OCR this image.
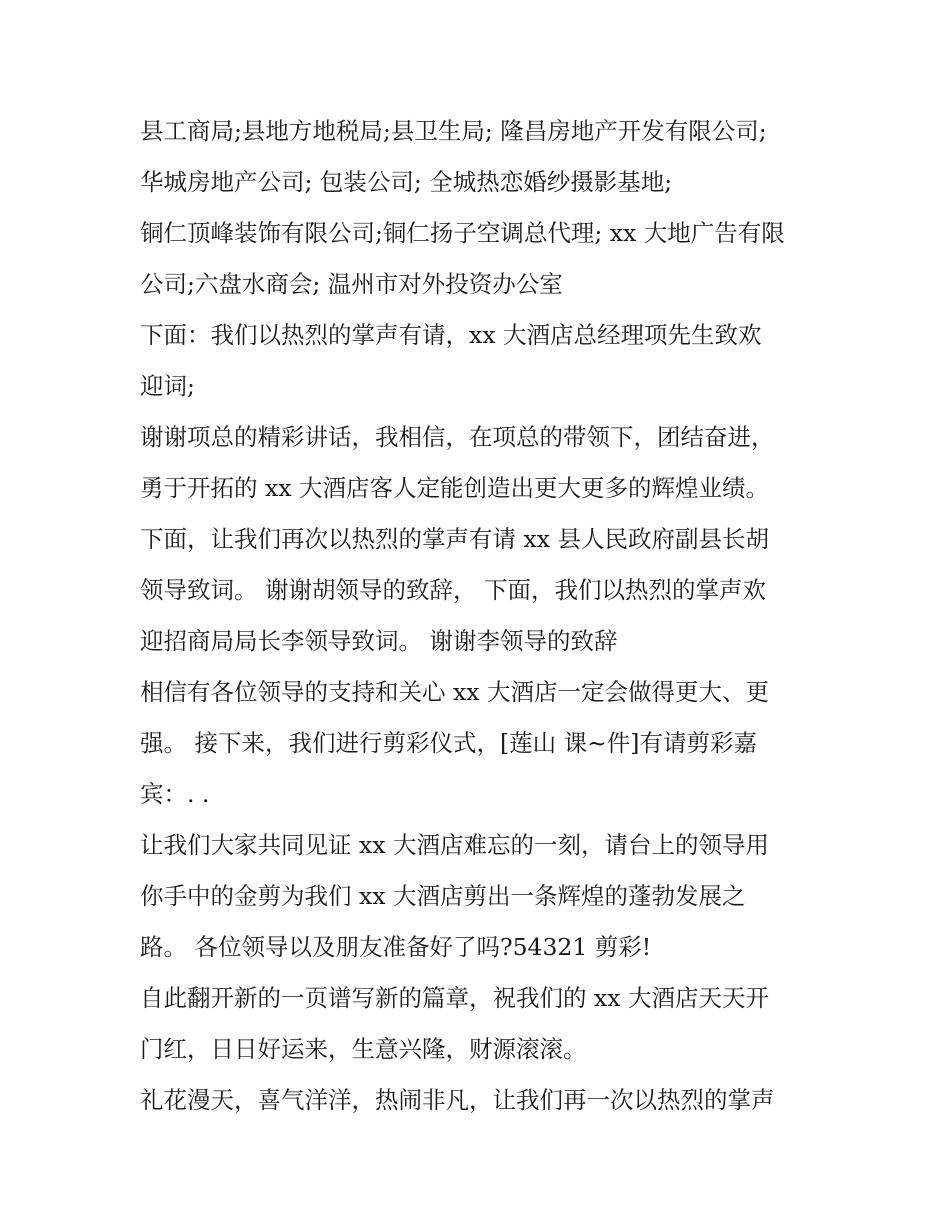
县工商局;县地方地税局;县卫生局; 隆昌房地产开发有限公司;
华城房地产公司; 包装公司; 全城热恋婚纱摄影基地;
铜仁顶峰装饰有限公司;铜仁扬子空调总代理; xx 大地广告有限
公司;六盘水商会; 温州市对外投资办公室
下面：我们以热烈的掌声有请，xx 大酒店总经理项先生致欢
迎词;
谢谢项总的精彩讲话，我相信，在项总的带领下，团结奋进，
勇于开拓的 xx 大酒店客人定能创造出更大更多的辉煌业绩。
下面，让我们再次以热烈的掌声有请 xx 县人民政府副县长胡
领导致词。 谢谢胡领导的致辞， 下面，我们以热烈的掌声欢
迎招商局局长李领导致词。 谢谢李领导的致辞
相信有各位领导的支持和关心 xx 大酒店一定会做得更大、更
强。 接下来，我们进行剪彩仪式，[莲山 课~件]有请剪彩嘉
宾：. .
让我们大家共同见证 xx 大酒店难忘的一刻，请台上的领导用
你手中的金剪为我们 xx 大酒店剪出一条辉煌的蓬勃发展之
路。 各位领导以及朋友准备好了吗?54321 剪彩!
自此翻开新的一页谱写新的篇章，祝我们的 xx 大酒店天天开
门红，日日好运来，生意兴隆，财源滚滚。
礼花漫天，喜气洋洋，热闹非凡，让我们再一次以热烈的掌声
